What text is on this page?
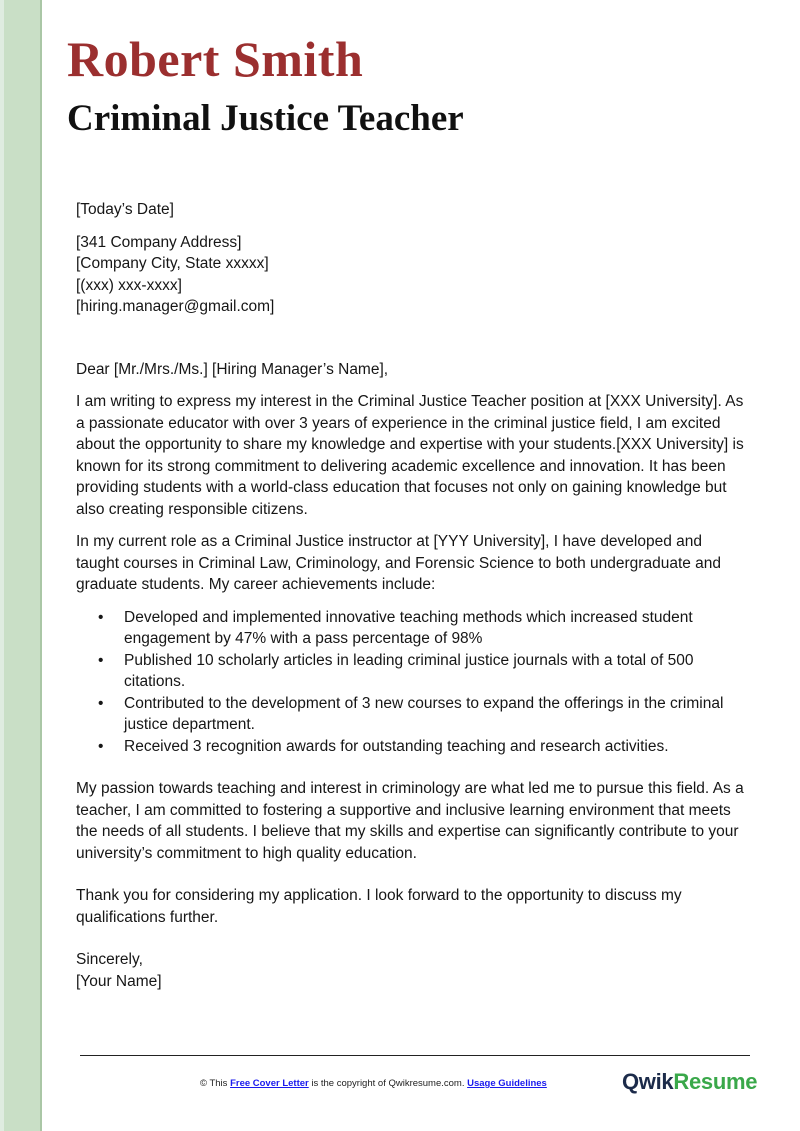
Robert Smith
Criminal Justice Teacher

[Today’s Date]

[341 Company Address]

[Company City, State xxxxx]

[(xxx) xxx-xxxx]

[hiring.manager@gmail.com]

Dear [Mr./Mrs./Ms.] [Hiring Manager’s Name],

I am writing to express my interest in the Criminal Justice Teacher position at [XXX University]. As a passionate educator with over 3 years of experience in the criminal justice field, I am excited about the opportunity to share my knowledge and expertise with your students.[XXX University] is known for its strong commitment to delivering academic excellence and innovation. It has been providing students with a world-class education that focuses not only on gaining knowledge but also creating responsible citizens.

In my current role as a Criminal Justice instructor at [YYY University], I have developed and taught courses in Criminal Law, Criminology, and Forensic Science to both undergraduate and graduate students. My career achievements include:

• Developed and implemented innovative teaching methods which increased student engagement by 47% with a pass percentage of 98%
• Published 10 scholarly articles in leading criminal justice journals with a total of 500 citations.
• Contributed to the development of 3 new courses to expand the offerings in the criminal justice department.
• Received 3 recognition awards for outstanding teaching and research activities.

My passion towards teaching and interest in criminology are what led me to pursue this field. As a teacher, I am committed to fostering a supportive and inclusive learning environment that meets the needs of all students. I believe that my skills and expertise can significantly contribute to your university’s commitment to high quality education.

Thank you for considering my application. I look forward to the opportunity to discuss my qualifications further.

Sincerely,

[Your Name]

© This Free Cover Letter is the copyright of Qwikresume.com. Usage Guidelines	QwikResume
